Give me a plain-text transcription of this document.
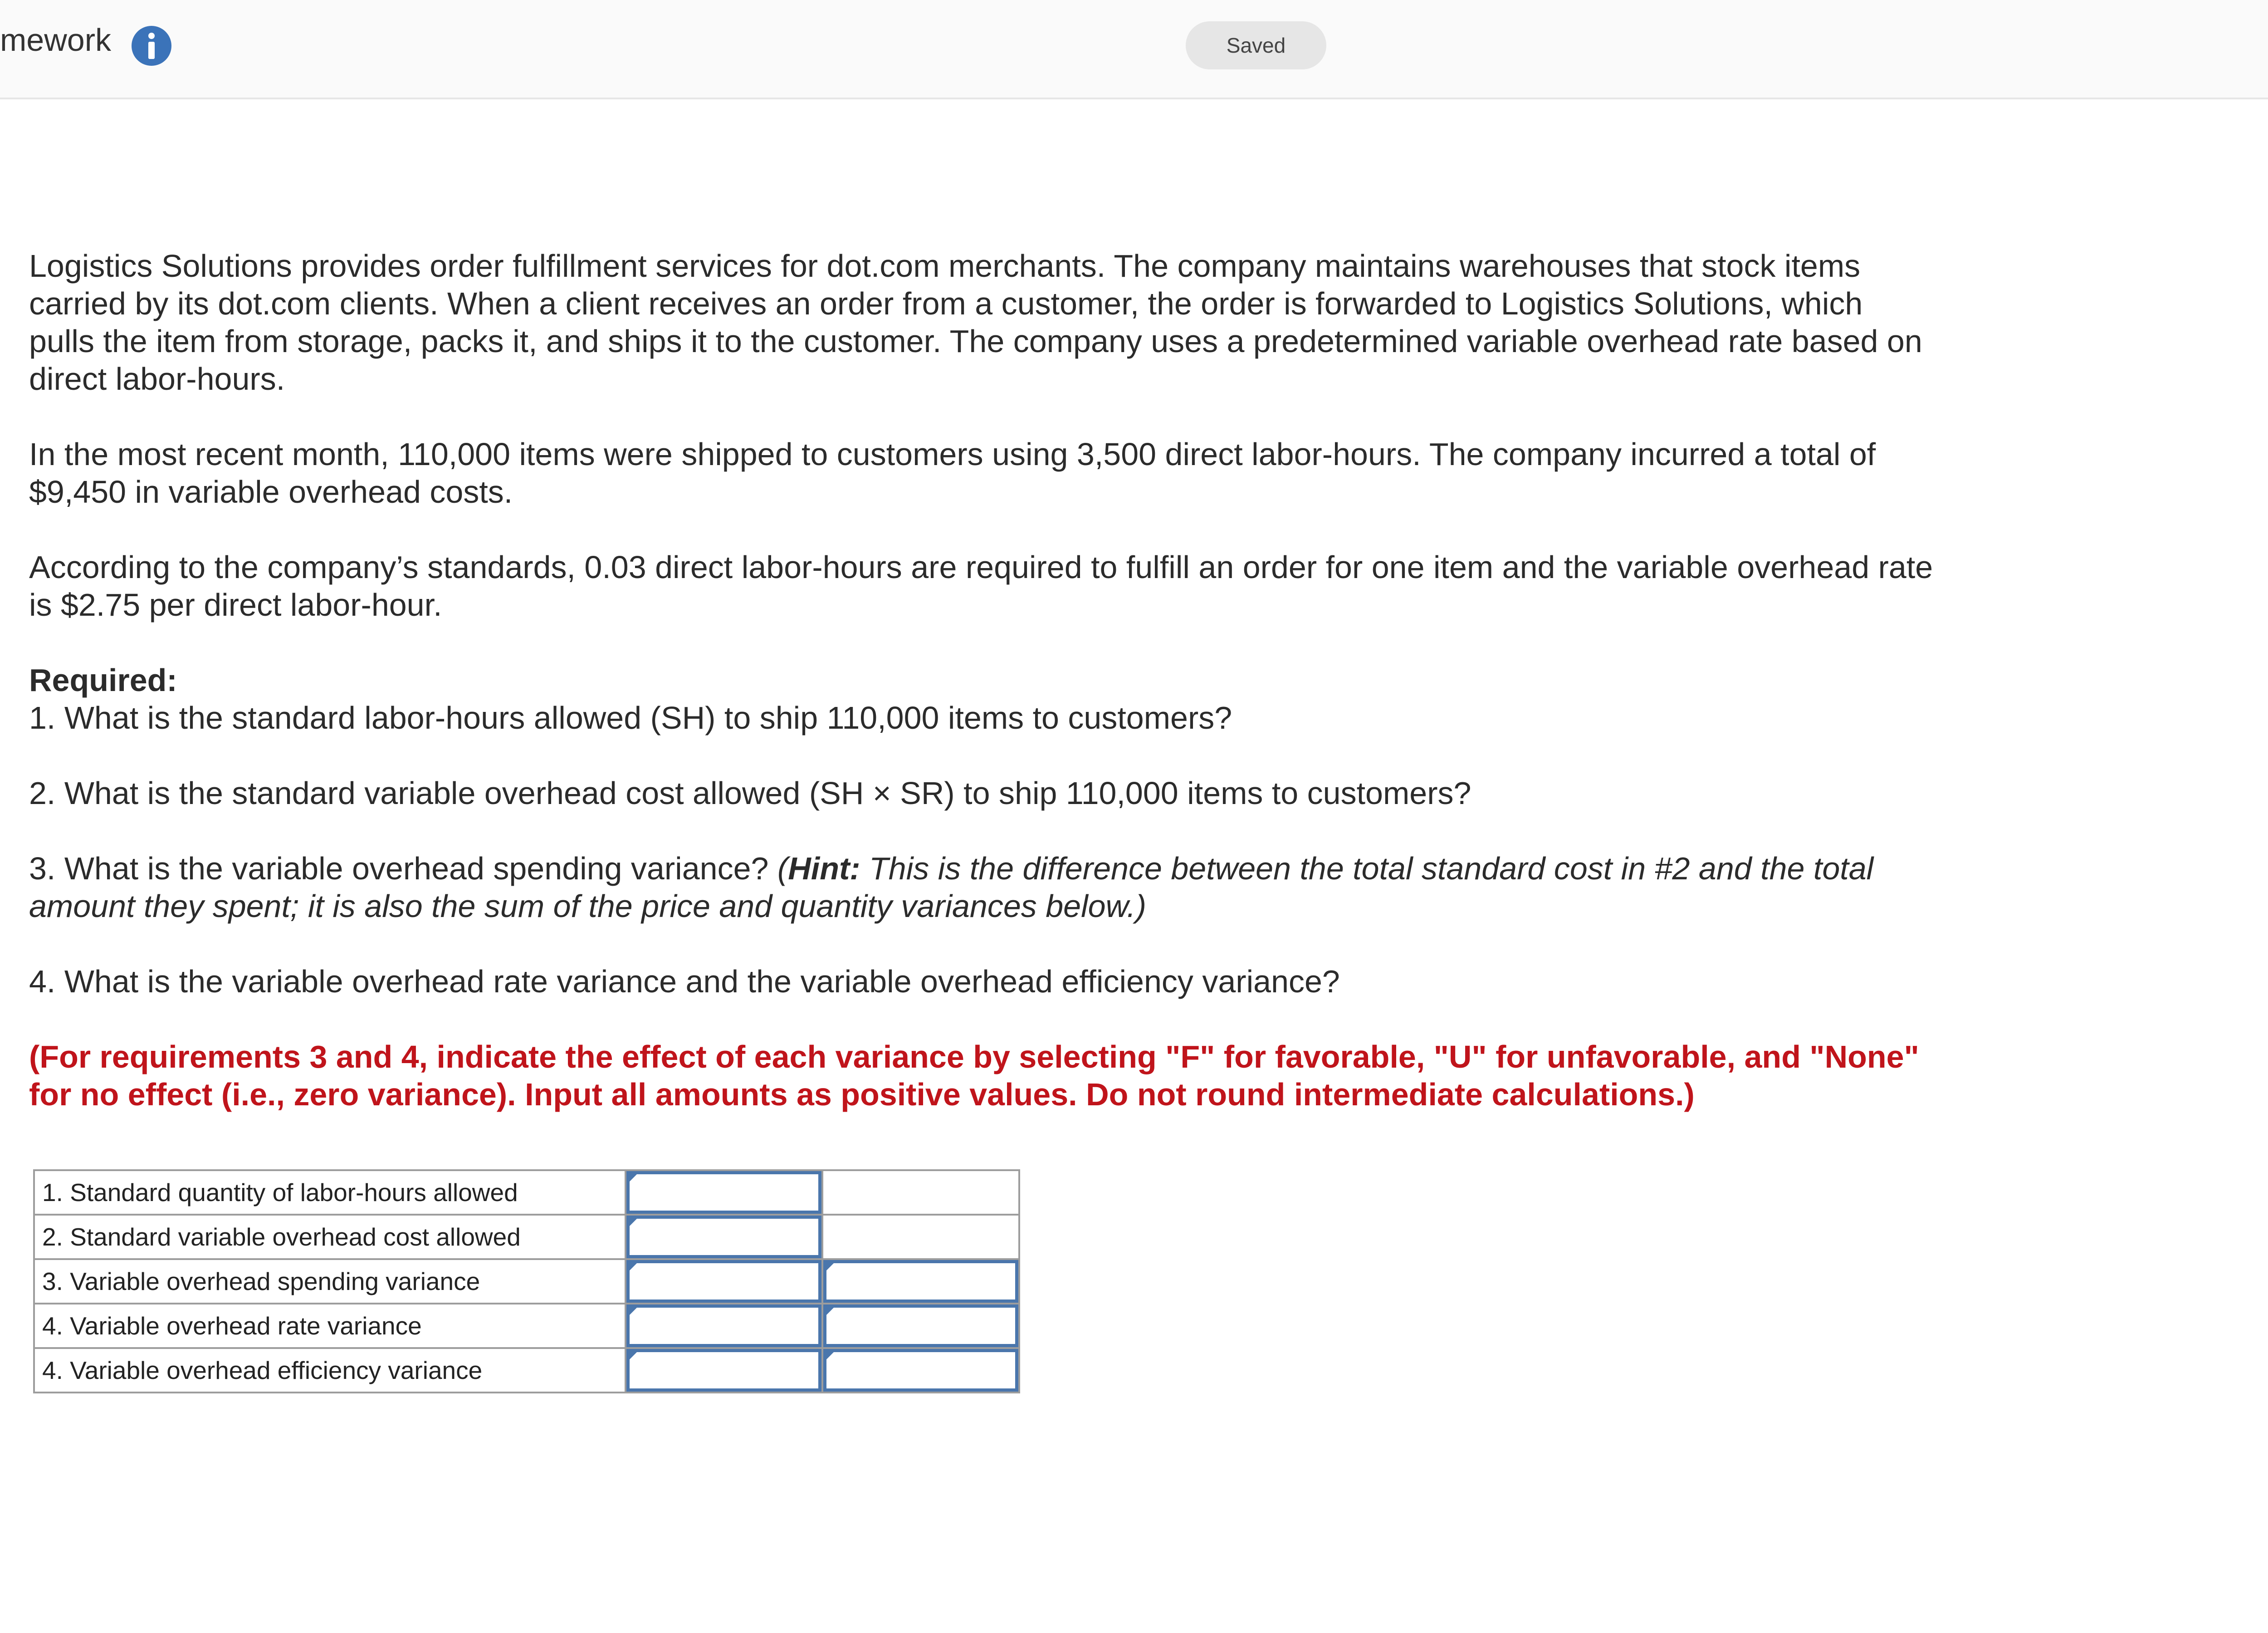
mework	Saved

Logistics Solutions provides order fulfillment services for dot.com merchants. The company maintains warehouses that stock items carried by its dot.com clients. When a client receives an order from a customer, the order is forwarded to Logistics Solutions, which pulls the item from storage, packs it, and ships it to the customer. The company uses a predetermined variable overhead rate based on direct labor-hours.

In the most recent month, 110,000 items were shipped to customers using 3,500 direct labor-hours. The company incurred a total of $9,450 in variable overhead costs.

According to the company’s standards, 0.03 direct labor-hours are required to fulfill an order for one item and the variable overhead rate is $2.75 per direct labor-hour.

Required:

1. What is the standard labor-hours allowed (SH) to ship 110,000 items to customers?

2. What is the standard variable overhead cost allowed (SH × SR) to ship 110,000 items to customers?

3. What is the variable overhead spending variance? (Hint: This is the difference between the total standard cost in #2 and the total amount they spent; it is also the sum of the price and quantity variances below.)

4. What is the variable overhead rate variance and the variable overhead efficiency variance?

(For requirements 3 and 4, indicate the effect of each variance by selecting "F" for favorable, "U" for unfavorable, and "None" for no effect (i.e., zero variance). Input all amounts as positive values. Do not round intermediate calculations.)

1. Standard quantity of labor-hours allowed	

2. Standard variable overhead cost allowed	

3. Variable overhead spending variance	

4. Variable overhead rate variance	

4. Variable overhead efficiency variance	
